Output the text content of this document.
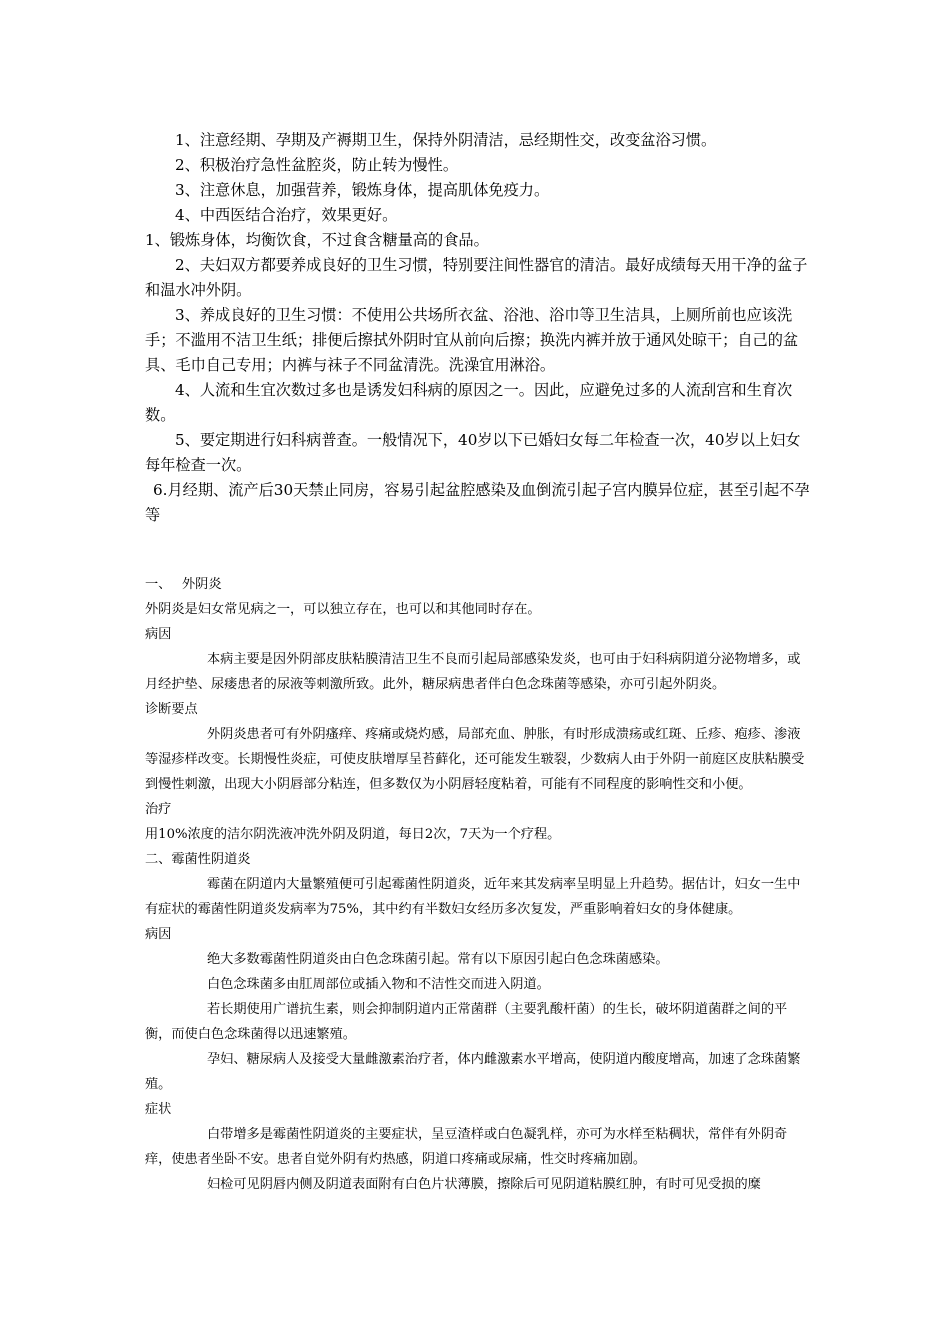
1、注意经期、孕期及产褥期卫生，保持外阴清洁，忌经期性交，改变盆浴习惯。

2、积极治疗急性盆腔炎，防止转为慢性。

3、注意休息，加强营养，锻炼身体，提高肌体免疫力。

4、中西医结合治疗，效果更好。

1、锻炼身体，均衡饮食，不过食含糖量高的食品。

2、夫妇双方都要养成良好的卫生习惯，特别要注间性器官的清洁。最好成绩每天用干净的盆子和温水冲外阴。

3、养成良好的卫生习惯：不使用公共场所衣盆、浴池、浴巾等卫生洁具，上厕所前也应该洗手；不滥用不洁卫生纸；排便后擦拭外阴时宜从前向后擦；换洗内裤并放于通风处晾干；自己的盆具、毛巾自己专用；内裤与袜子不同盆清洗。洗澡宜用淋浴。

4、人流和生宜次数过多也是诱发妇科病的原因之一。因此，应避免过多的人流刮宫和生育次数。

5、要定期进行妇科病普查。一般情况下，40岁以下已婚妇女每二年检查一次，40岁以上妇女每年检查一次。

6.月经期、流产后30天禁止同房，容易引起盆腔感染及血倒流引起子宫内膜异位症，甚至引起不孕等

一、 外阴炎

外阴炎是妇女常见病之一，可以独立存在，也可以和其他同时存在。

病因

本病主要是因外阴部皮肤粘膜清洁卫生不良而引起局部感染发炎，也可由于妇科病阴道分泌物增多，或月经护垫、尿瘘患者的尿液等刺激所致。此外，糖尿病患者伴白色念珠菌等感染，亦可引起外阴炎。

诊断要点

外阴炎患者可有外阴瘙痒、疼痛或烧灼感，局部充血、肿胀，有时形成溃疡或红斑、丘疹、疱疹、渗液等湿疹样改变。长期慢性炎症，可使皮肤增厚呈苔藓化，还可能发生皲裂，少数病人由于外阴一前庭区皮肤粘膜受到慢性刺激，出现大小阴唇部分粘连，但多数仅为小阴唇轻度粘着，可能有不同程度的影响性交和小便。

治疗

用10%浓度的洁尔阴洗液冲洗外阴及阴道，每日2次，7天为一个疗程。

二、霉菌性阴道炎

霉菌在阴道内大量繁殖便可引起霉菌性阴道炎，近年来其发病率呈明显上升趋势。据估计，妇女一生中有症状的霉菌性阴道炎发病率为75%，其中约有半数妇女经历多次复发，严重影响着妇女的身体健康。

病因

绝大多数霉菌性阴道炎由白色念珠菌引起。常有以下原因引起白色念珠菌感染。

白色念珠菌多由肛周部位或插入物和不洁性交而进入阴道。

若长期使用广谱抗生素，则会抑制阴道内正常菌群（主要乳酸杆菌）的生长，破坏阴道菌群之间的平衡，而使白色念珠菌得以迅速繁殖。

孕妇、糖尿病人及接受大量雌激素治疗者，体内雌激素水平增高，使阴道内酸度增高，加速了念珠菌繁殖。

症状

白带增多是霉菌性阴道炎的主要症状，呈豆渣样或白色凝乳样，亦可为水样至粘稠状，常伴有外阴奇痒，使患者坐卧不安。患者自觉外阴有灼热感，阴道口疼痛或尿痛，性交时疼痛加剧。

妇检可见阴唇内侧及阴道表面附有白色片状薄膜，擦除后可见阴道粘膜红肿，有时可见受损的糜
